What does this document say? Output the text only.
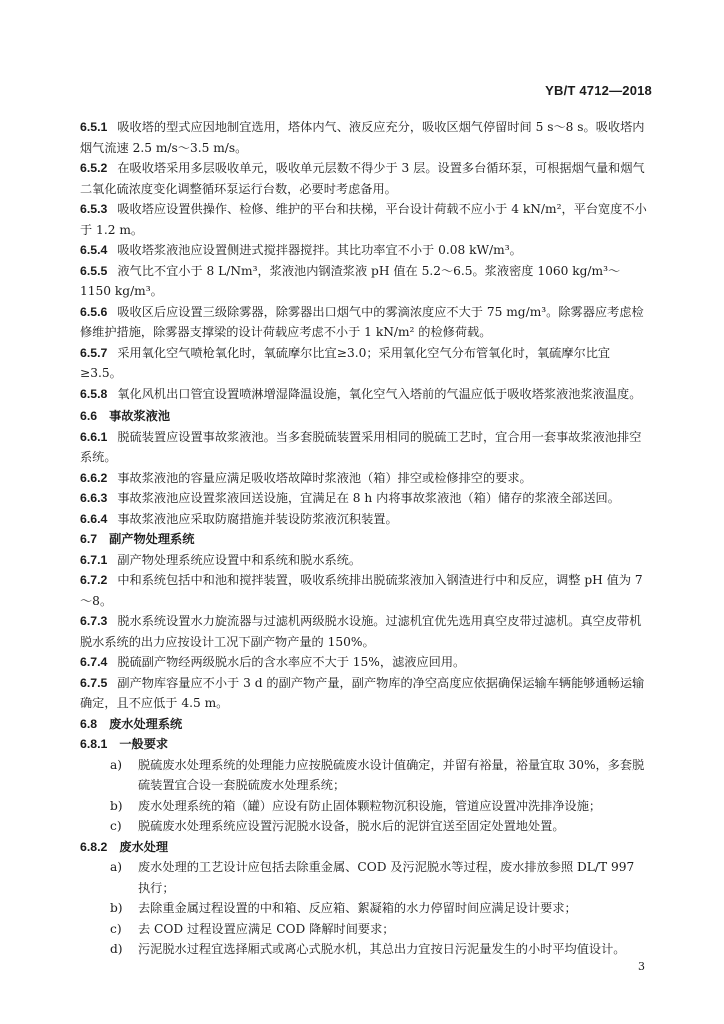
YB/T 4712—2018

6.5.1 吸收塔的型式应因地制宜选用，塔体内气、液反应充分，吸收区烟气停留时间 5 s～8 s。吸收塔内烟气流速 2.5 m/s～3.5 m/s。

6.5.2 在吸收塔采用多层吸收单元，吸收单元层数不得少于 3 层。设置多台循环泵，可根据烟气量和烟气二氧化硫浓度变化调整循环泵运行台数，必要时考虑备用。

6.5.3 吸收塔应设置供操作、检修、维护的平台和扶梯，平台设计荷载不应小于 4 kN/m²，平台宽度不小于 1.2 m。

6.5.4 吸收塔浆液池应设置侧进式搅拌器搅拌。其比功率宜不小于 0.08 kW/m³。

6.5.5 液气比不宜小于 8 L/Nm³，浆液池内钢渣浆液 pH 值在 5.2～6.5。浆液密度 1060 kg/m³～1150 kg/m³。

6.5.6 吸收区后应设置三级除雾器，除雾器出口烟气中的雾滴浓度应不大于 75 mg/m³。除雾器应考虑检修维护措施，除雾器支撑梁的设计荷载应考虑不小于 1 kN/m² 的检修荷载。

6.5.7 采用氧化空气喷枪氧化时，氧硫摩尔比宜≥3.0；采用氧化空气分布管氧化时，氧硫摩尔比宜≥3.5。

6.5.8 氧化风机出口管宜设置喷淋增湿降温设施，氧化空气入塔前的气温应低于吸收塔浆液池浆液温度。

6.6 事故浆液池

6.6.1 脱硫装置应设置事故浆液池。当多套脱硫装置采用相同的脱硫工艺时，宜合用一套事故浆液池排空系统。

6.6.2 事故浆液池的容量应满足吸收塔故障时浆液池（箱）排空或检修排空的要求。

6.6.3 事故浆液池应设置浆液回送设施，宜满足在 8 h 内将事故浆液池（箱）储存的浆液全部送回。

6.6.4 事故浆液池应采取防腐措施并装设防浆液沉积装置。

6.7 副产物处理系统

6.7.1 副产物处理系统应设置中和系统和脱水系统。

6.7.2 中和系统包括中和池和搅拌装置，吸收系统排出脱硫浆液加入钢渣进行中和反应，调整 pH 值为 7～8。

6.7.3 脱水系统设置水力旋流器与过滤机两级脱水设施。过滤机宜优先选用真空皮带过滤机。真空皮带机脱水系统的出力应按设计工况下副产物产量的 150%。

6.7.4 脱硫副产物经两级脱水后的含水率应不大于 15%，滤液应回用。

6.7.5 副产物库容量应不小于 3 d 的副产物产量，副产物库的净空高度应依据确保运输车辆能够通畅运输确定，且不应低于 4.5 m。

6.8 废水处理系统

6.8.1 一般要求

a)	脱硫废水处理系统的处理能力应按脱硫废水设计值确定，并留有裕量，裕量宜取 30%，多套脱硫装置宜合设一套脱硫废水处理系统；
b)	废水处理系统的箱（罐）应设有防止固体颗粒物沉积设施，管道应设置冲洗排净设施；
c)	脱硫废水处理系统应设置污泥脱水设备，脱水后的泥饼宜送至固定处置地处置。

6.8.2 废水处理

a)	废水处理的工艺设计应包括去除重金属、COD 及污泥脱水等过程，废水排放参照 DL/T 997 执行；
b)	去除重金属过程设置的中和箱、反应箱、絮凝箱的水力停留时间应满足设计要求；
c)	去 COD 过程设置应满足 COD 降解时间要求；
d)	污泥脱水过程宜选择厢式或离心式脱水机，其总出力宜按日污泥量发生的小时平均值设计。
3
